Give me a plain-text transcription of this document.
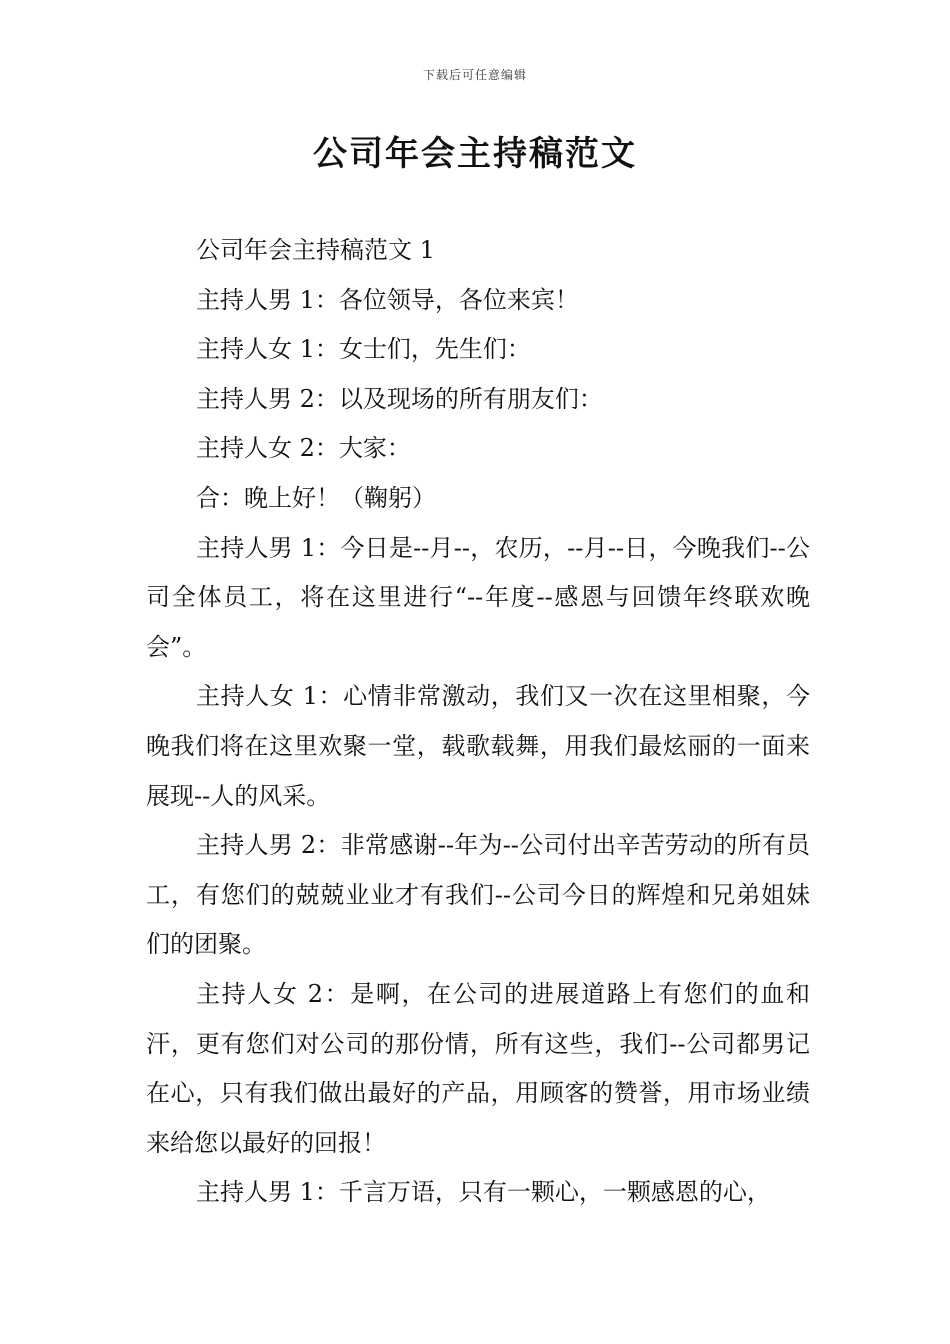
下载后可任意编辑
公司年会主持稿范文

公司年会主持稿范文 1

主持人男 1：各位领导，各位来宾！

主持人女 1：女士们，先生们：

主持人男 2：以及现场的所有朋友们：

主持人女 2：大家：

合：晚上好！（鞠躬）

主持人男 1：今日是--月--，农历，--月--日，今晚我们--公司全体员工，将在这里进行“--年度--感恩与回馈年终联欢晚会”。

主持人女 1：心情非常激动，我们又一次在这里相聚，今晚我们将在这里欢聚一堂，载歌载舞，用我们最炫丽的一面来展现--人的风采。

主持人男 2：非常感谢--年为--公司付出辛苦劳动的所有员工，有您们的兢兢业业才有我们--公司今日的辉煌和兄弟姐妹们的团聚。

主持人女 2：是啊，在公司的进展道路上有您们的血和汗，更有您们对公司的那份情，所有这些，我们--公司都男记在心，只有我们做出最好的产品，用顾客的赞誉，用市场业绩来给您以最好的回报！

主持人男 1：千言万语，只有一颗心，一颗感恩的心，
